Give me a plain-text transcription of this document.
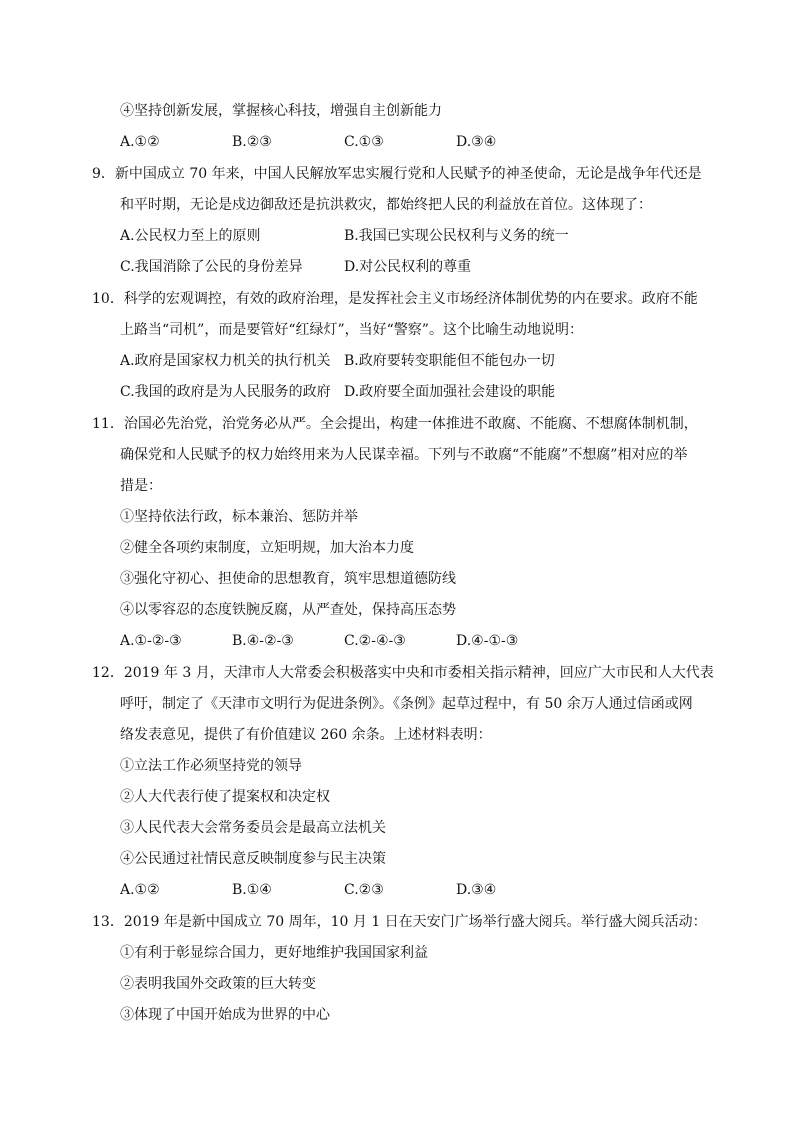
④坚持创新发展，掌握核心科技，增强自主创新能力
A.①②	B.②③	C.①③	D.③④
9．新中国成立 70 年来，中国人民解放军忠实履行党和人民赋予的神圣使命，无论是战争年代还是
和平时期，无论是戍边御敌还是抗洪救灾，都始终把人民的利益放在首位。这体现了：
A.公民权力至上的原则	B.我国已实现公民权利与义务的统一
C.我国消除了公民的身份差异	D.对公民权利的尊重
10．科学的宏观调控，有效的政府治理，是发挥社会主义市场经济体制优势的内在要求。政府不能
上路当“司机”，而是要管好“红绿灯”，当好“警察”。这个比喻生动地说明：
A.政府是国家权力机关的执行机关 B.政府要转变职能但不能包办一切
C.我国的政府是为人民服务的政府 D.政府要全面加强社会建设的职能
11．治国必先治党，治党务必从严。全会提出，构建一体推进不敢腐、不能腐、不想腐体制机制，
确保党和人民赋予的权力始终用来为人民谋幸福。下列与不敢腐“不能腐”不想腐”相对应的举
措是：
①坚持依法行政，标本兼治、惩防并举
②健全各项约束制度，立矩明规，加大治本力度
③强化守初心、担使命的思想教育，筑牢思想道德防线
④以零容忍的态度铁腕反腐，从严查处，保持高压态势
A.①-②-③	B.④-②-③	C.②-④-③	D.④-①-③
12．2019 年 3 月，天津市人大常委会积极落实中央和市委相关指示精神，回应广大市民和人大代表
呼吁，制定了《天津市文明行为促进条例》。《条例》起草过程中，有 50 余万人通过信函或网
络发表意见，提供了有价值建议 260 余条。上述材料表明：
①立法工作必须坚持党的领导
②人大代表行使了提案权和决定权
③人民代表大会常务委员会是最高立法机关
④公民通过社情民意反映制度参与民主决策
A.①②	B.①④	C.②③	D.③④
13．2019 年是新中国成立 70 周年，10 月 1 日在天安门广场举行盛大阅兵。举行盛大阅兵活动：
①有利于彰显综合国力，更好地维护我国国家利益
②表明我国外交政策的巨大转变
③体现了中国开始成为世界的中心
